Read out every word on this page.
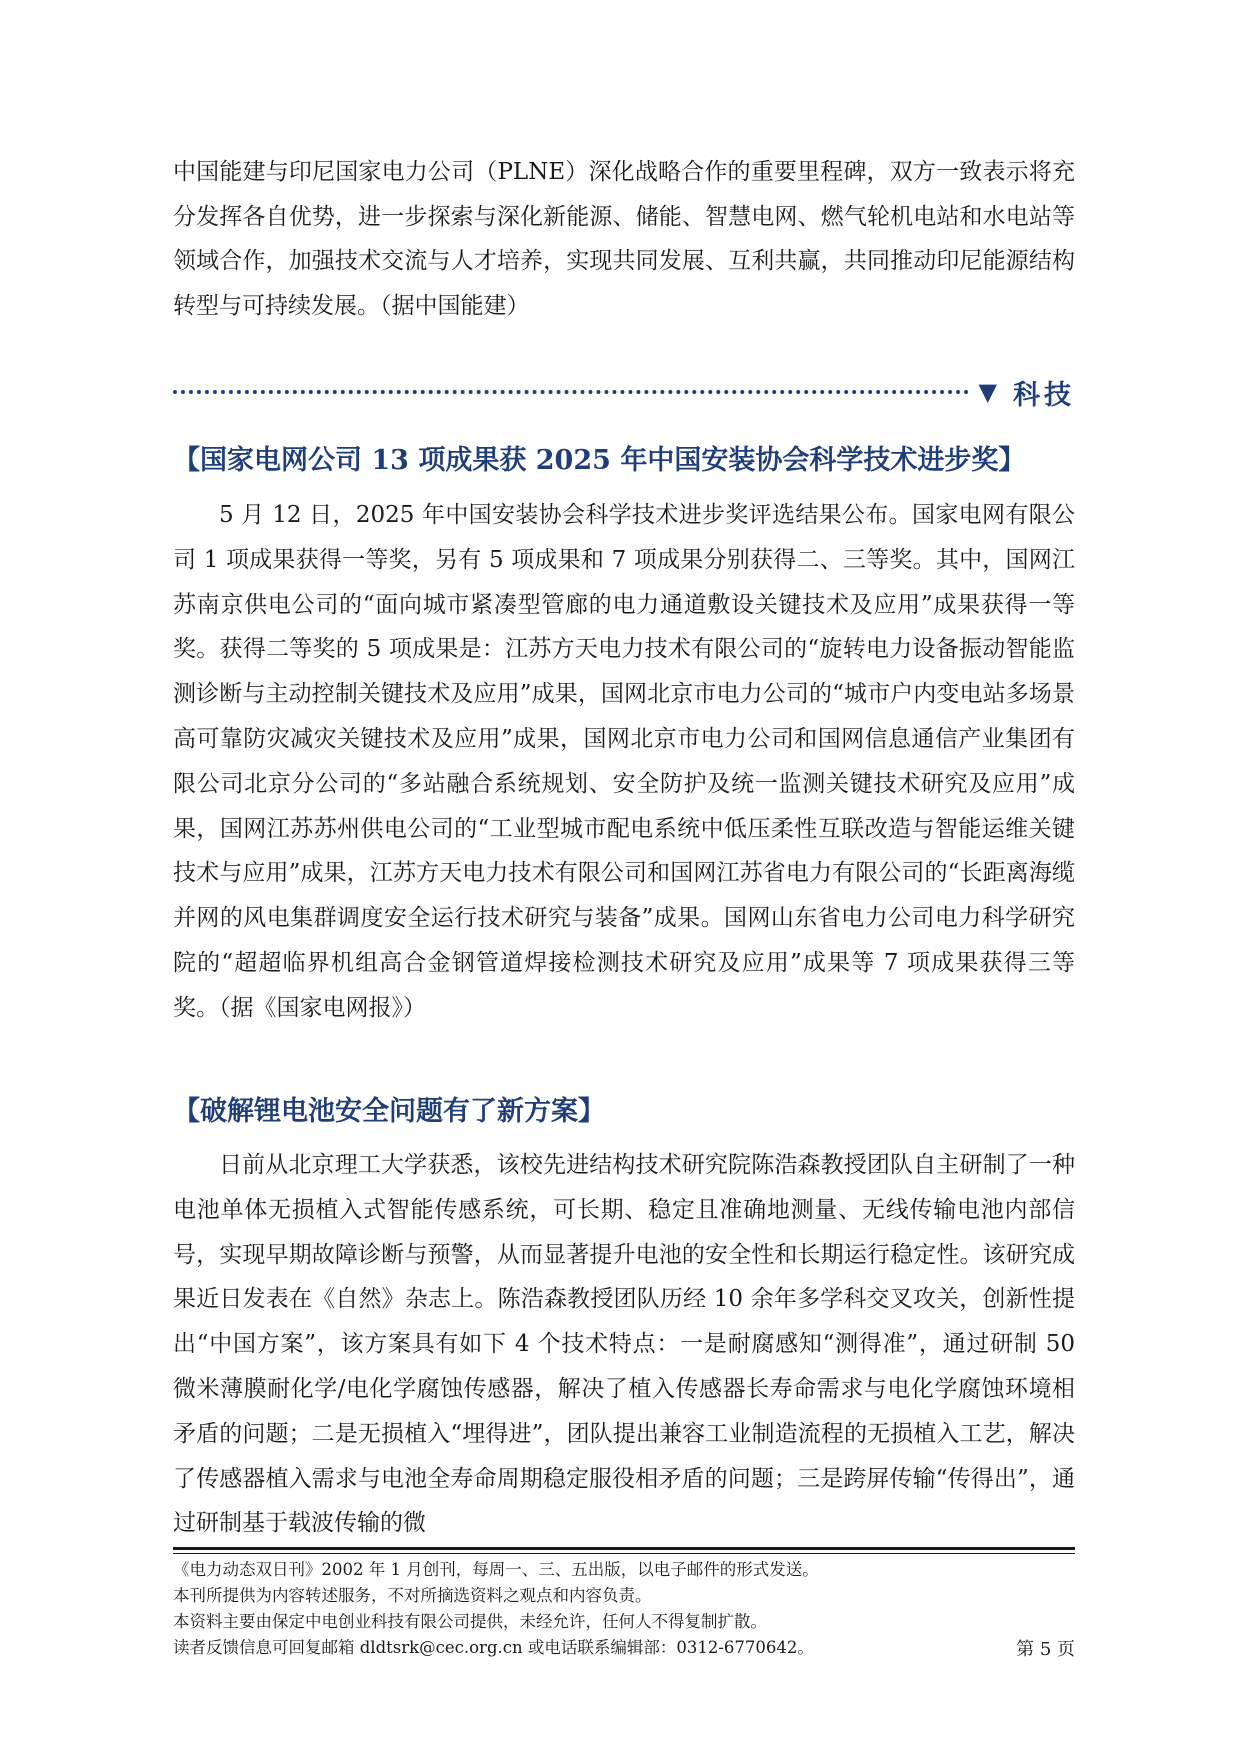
中国能建与印尼国家电力公司（PLNE）深化战略合作的重要里程碑，双方一致表示将充分发挥各自优势，进一步探索与深化新能源、储能、智慧电网、燃气轮机电站和水电站等领域合作，加强技术交流与人才培养，实现共同发展、互利共赢，共同推动印尼能源结构转型与可持续发展。（据中国能建）

▼ 科技
【国家电网公司 13 项成果获 2025 年中国安装协会科学技术进步奖】

5 月 12 日，2025 年中国安装协会科学技术进步奖评选结果公布。国家电网有限公司 1 项成果获得一等奖，另有 5 项成果和 7 项成果分别获得二、三等奖。其中，国网江苏南京供电公司的“面向城市紧凑型管廊的电力通道敷设关键技术及应用”成果获得一等奖。获得二等奖的 5 项成果是：江苏方天电力技术有限公司的“旋转电力设备振动智能监测诊断与主动控制关键技术及应用”成果，国网北京市电力公司的“城市户内变电站多场景高可靠防灾减灾关键技术及应用”成果，国网北京市电力公司和国网信息通信产业集团有限公司北京分公司的“多站融合系统规划、安全防护及统一监测关键技术研究及应用”成果，国网江苏苏州供电公司的“工业型城市配电系统中低压柔性互联改造与智能运维关键技术与应用”成果，江苏方天电力技术有限公司和国网江苏省电力有限公司的“长距离海缆并网的风电集群调度安全运行技术研究与装备”成果。国网山东省电力公司电力科学研究院的“超超临界机组高合金钢管道焊接检测技术研究及应用”成果等 7 项成果获得三等奖。（据《国家电网报》）

【破解锂电池安全问题有了新方案】

日前从北京理工大学获悉，该校先进结构技术研究院陈浩森教授团队自主研制了一种电池单体无损植入式智能传感系统，可长期、稳定且准确地测量、无线传输电池内部信号，实现早期故障诊断与预警，从而显著提升电池的安全性和长期运行稳定性。该研究成果近日发表在《自然》杂志上。陈浩森教授团队历经 10 余年多学科交叉攻关，创新性提出“中国方案”，该方案具有如下 4 个技术特点：一是耐腐感知“测得准”，通过研制 50 微米薄膜耐化学/电化学腐蚀传感器，解决了植入传感器长寿命需求与电化学腐蚀环境相矛盾的问题；二是无损植入“埋得进”，团队提出兼容工业制造流程的无损植入工艺，解决了传感器植入需求与电池全寿命周期稳定服役相矛盾的问题；三是跨屏传输“传得出”，通过研制基于载波传输的微

《电力动态双日刊》2002 年 1 月创刊，每周一、三、五出版，以电子邮件的形式发送。
本刊所提供为内容转述服务，不对所摘选资料之观点和内容负责。
本资料主要由保定中电创业科技有限公司提供，未经允许，任何人不得复制扩散。
读者反馈信息可回复邮箱 dldtsrk@cec.org.cn 或电话联系编辑部：0312-6770642。	第 5 页
